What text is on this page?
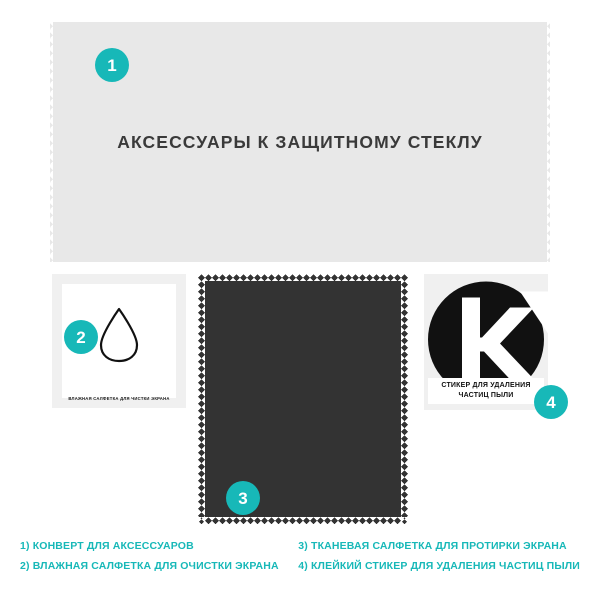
АКСЕССУАРЫ К ЗАЩИТНОМУ СТЕКЛУ
1
ВЛАЖНАЯ САЛФЕТКА ДЛЯ ЧИСТКИ ЭКРАНА
2
3
СТИКЕР ДЛЯ УДАЛЕНИЯ
ЧАСТИЦ ПЫЛИ	4
1) КОНВЕРТ ДЛЯ АКСЕССУАРОВ
2) ВЛАЖНАЯ САЛФЕТКА ДЛЯ ОЧИСТКИ ЭКРАНА
3) ТКАНЕВАЯ САЛФЕТКА ДЛЯ ПРОТИРКИ ЭКРАНА
4) КЛЕЙКИЙ СТИКЕР ДЛЯ УДАЛЕНИЯ ЧАСТИЦ ПЫЛИ
